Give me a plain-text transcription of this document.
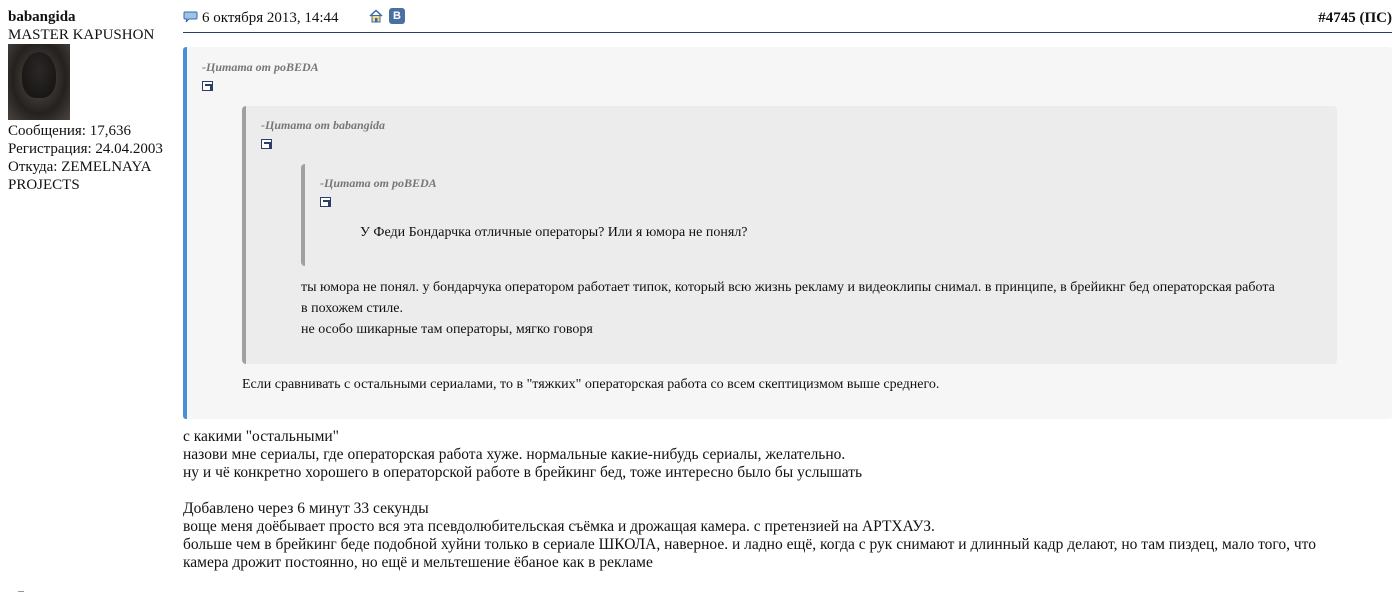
babangida
MASTER KAPUSHON
Сообщения: 17,636
Регистрация: 24.04.2003
Откуда: ZEMELNAYA
PROJECTS
6 октября 2013, 14:44	В	#4745 (ПС)
-Цитата от poBEDA
-Цитата от babangida
-Цитата от poBEDA
У Феди Бондарчка отличные операторы? Или я юмора не понял?
ты юмора не понял. у бондарчука оператором работает типок, который всю жизнь рекламу и видеоклипы снимал. в принципе, в брейикнг бед операторская работа
в похожем стиле.
не особо шикарные там операторы, мягко говоря
Если сравнивать с остальными сериалами, то в "тяжких" операторская работа со всем скептицизмом выше среднего.

с какими "остальными"

назови мне сериалы, где операторская работа хуже. нормальные какие-нибудь сериалы, желательно.

ну и чё конкретно хорошего в операторской работе в брейкинг бед, тоже интересно было бы услышать

Добавлено через 6 минут 33 секунды

воще меня доёбывает просто вся эта псевдолюбительская съёмка и дрожащая камера. с претензией на АРТХАУЗ.

больше чем в брейкинг беде подобной хуйни только в сериале ШКОЛА, наверное. и ладно ещё, когда с рук снимают и длинный кадр делают, но там пиздец, мало того, что

камера дрожит постоянно, но ещё и мельтешение ёбаное как в рекламе
